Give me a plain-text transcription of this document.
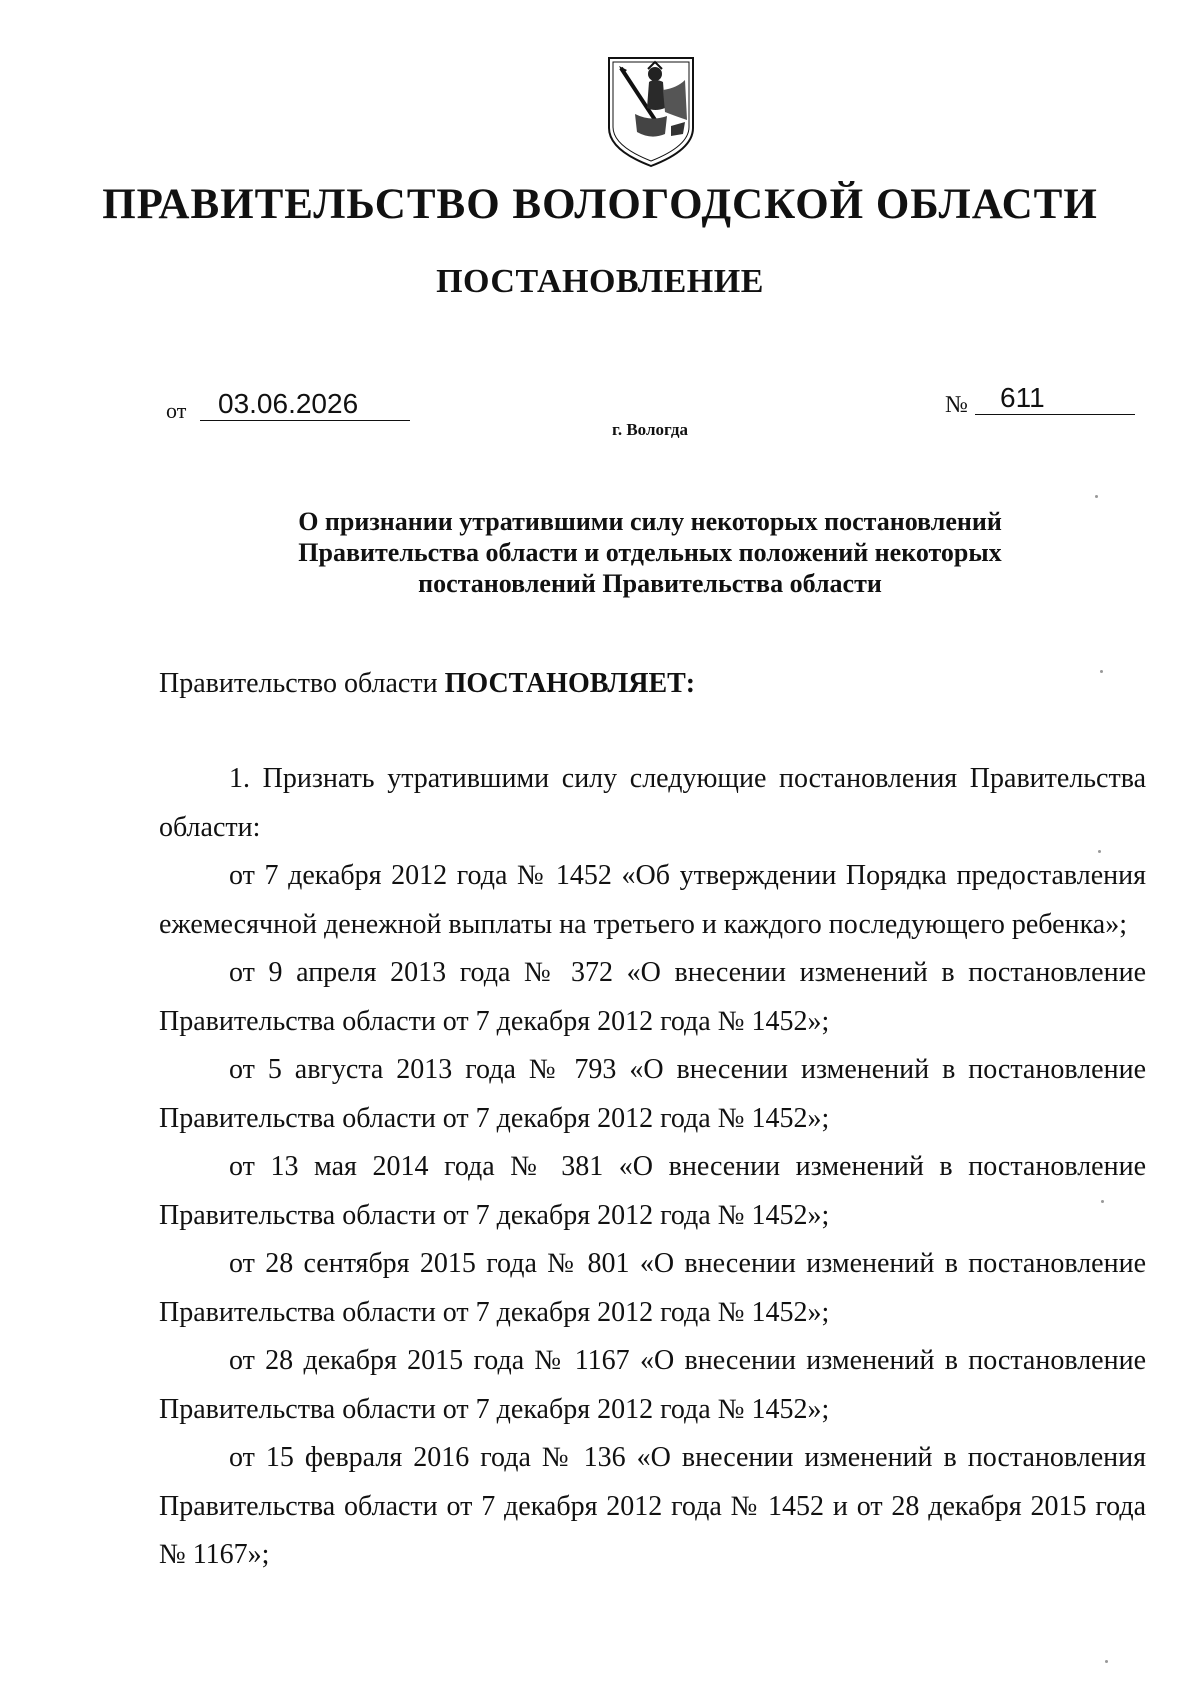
ПРАВИТЕЛЬСТВО ВОЛОГОДСКОЙ ОБЛАСТИ
ПОСТАНОВЛЕНИЕ
от 03.06.2026	№ 611
г. Вологда
О признании утратившими силу некоторых постановлений
Правительства области и отдельных положений некоторых
постановлений Правительства области
Правительство области ПОСТАНОВЛЯЕТ:
1. Признать утратившими силу следующие постановления Правительства области:
от 7 декабря 2012 года № 1452 «Об утверждении Порядка предоставления ежемесячной денежной выплаты на третьего и каждого последующего ребенка»;
от 9 апреля 2013 года № 372 «О внесении изменений в постановление Правительства области от 7 декабря 2012 года № 1452»;
от 5 августа 2013 года № 793 «О внесении изменений в постановление Правительства области от 7 декабря 2012 года № 1452»;
от 13 мая 2014 года № 381 «О внесении изменений в постановление Правительства области от 7 декабря 2012 года № 1452»;
от 28 сентября 2015 года № 801 «О внесении изменений в постановление Правительства области от 7 декабря 2012 года № 1452»;
от 28 декабря 2015 года № 1167 «О внесении изменений в постановление Правительства области от 7 декабря 2012 года № 1452»;
от 15 февраля 2016 года № 136 «О внесении изменений в постановления Правительства области от 7 декабря 2012 года № 1452 и от 28 декабря 2015 года № 1167»;
